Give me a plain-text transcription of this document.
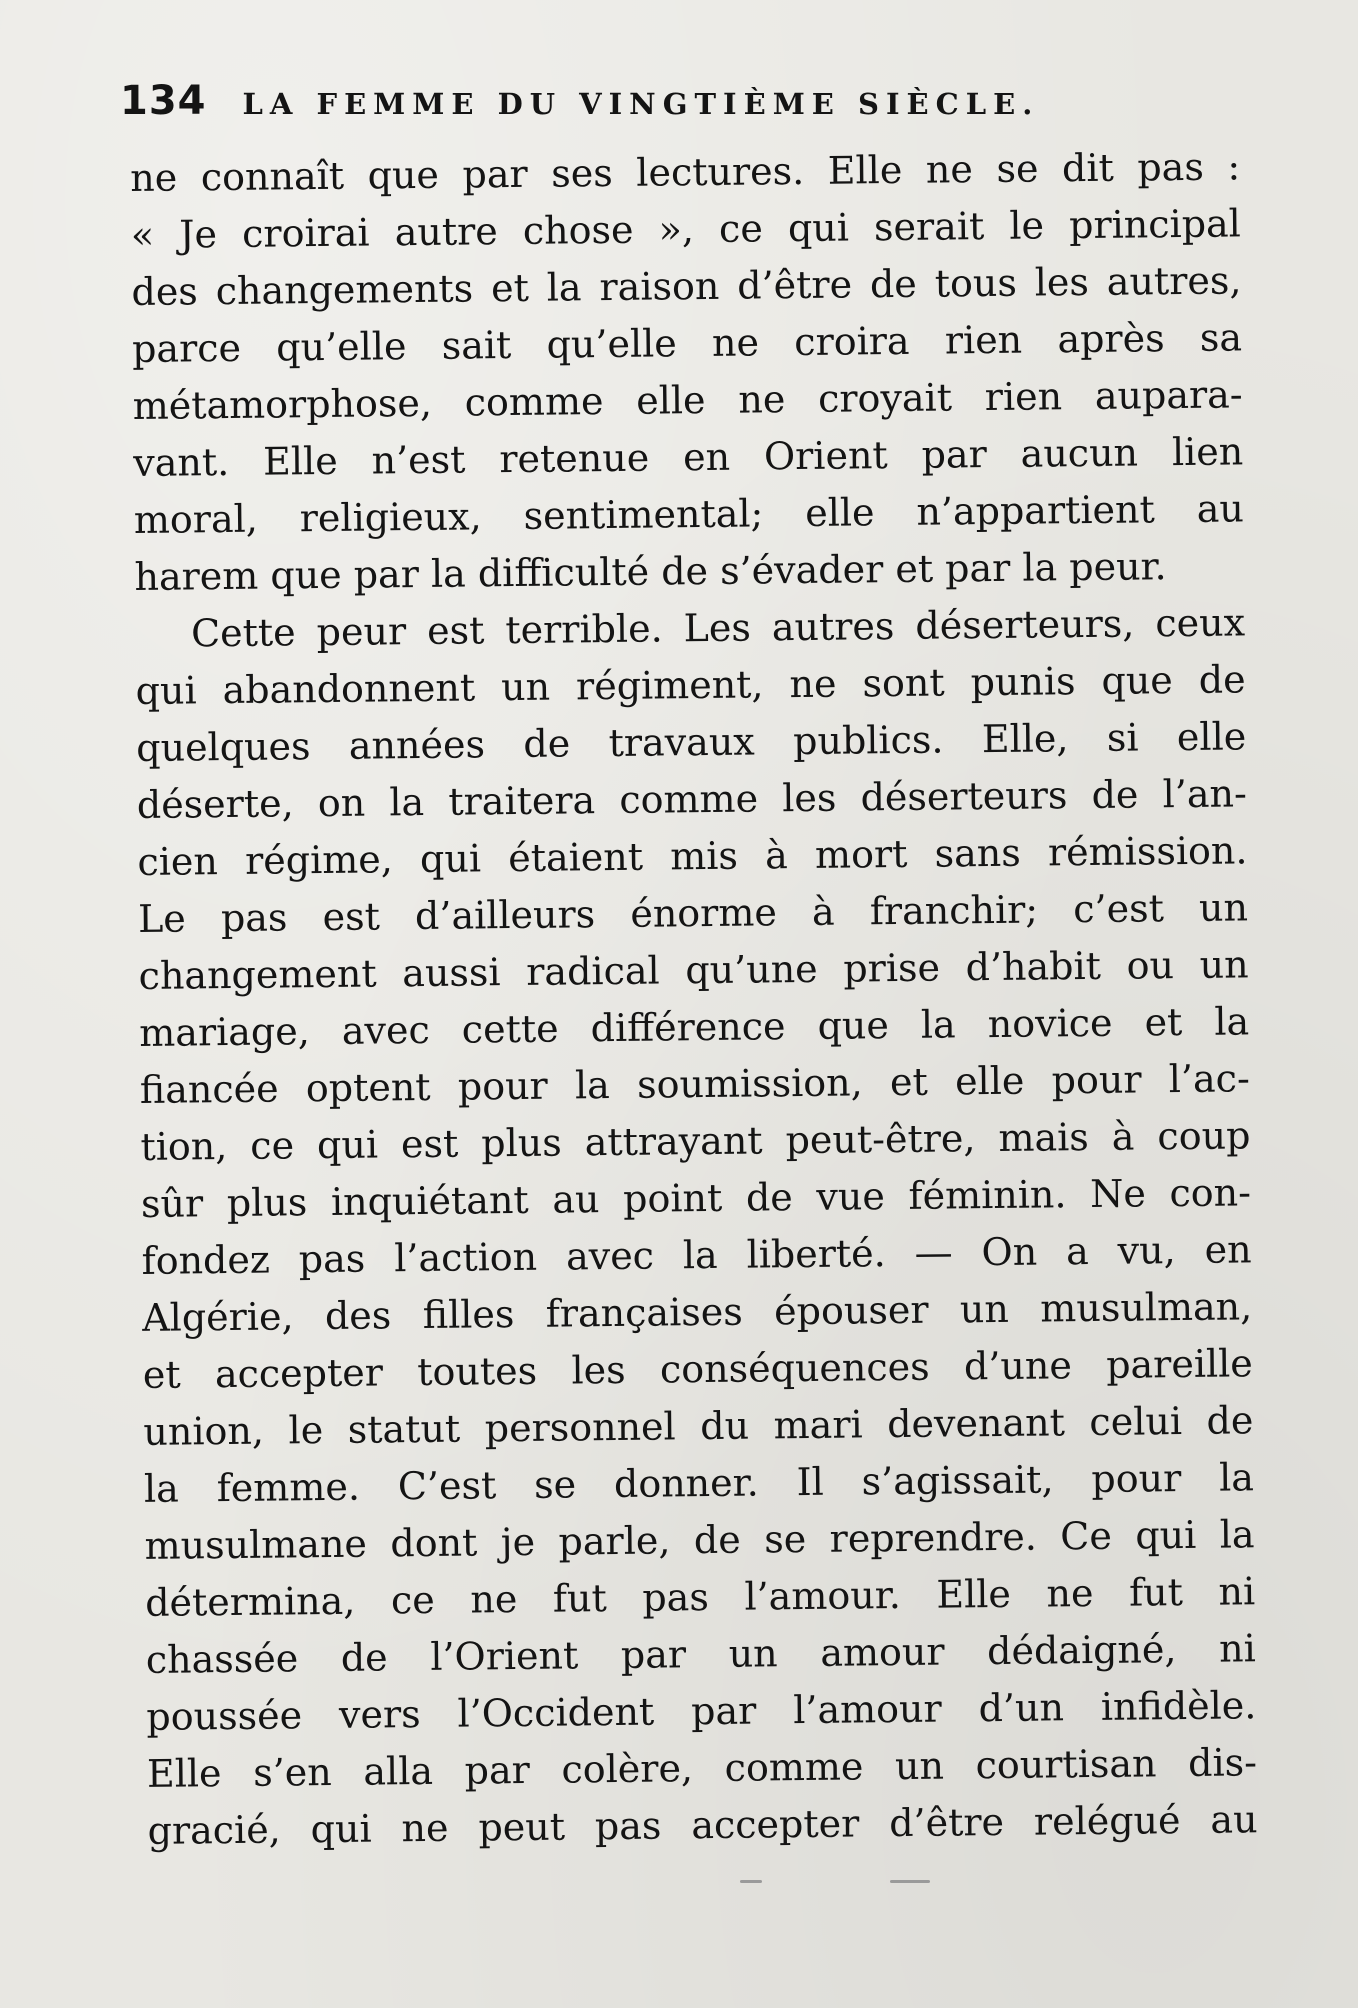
134 LA FEMME DU VINGTIÈME SIÈCLE.
ne connaît que par ses lectures. Elle ne se dit pas :
« Je croirai autre chose », ce qui serait le principal
des changements et la raison d’être de tous les autres,
parce qu’elle sait qu’elle ne croira rien après sa
métamorphose, comme elle ne croyait rien aupara-
vant. Elle n’est retenue en Orient par aucun lien
moral, religieux, sentimental; elle n’appartient au
harem que par la difficulté de s’évader et par la peur.
Cette peur est terrible. Les autres déserteurs, ceux
qui abandonnent un régiment, ne sont punis que de
quelques années de travaux publics. Elle, si elle
déserte, on la traitera comme les déserteurs de l’an-
cien régime, qui étaient mis à mort sans rémission.
Le pas est d’ailleurs énorme à franchir; c’est un
changement aussi radical qu’une prise d’habit ou un
mariage, avec cette différence que la novice et la
fiancée optent pour la soumission, et elle pour l’ac-
tion, ce qui est plus attrayant peut-être, mais à coup
sûr plus inquiétant au point de vue féminin. Ne con-
fondez pas l’action avec la liberté. — On a vu, en
Algérie, des filles françaises épouser un musulman,
et accepter toutes les conséquences d’une pareille
union, le statut personnel du mari devenant celui de
la femme. C’est se donner. Il s’agissait, pour la
musulmane dont je parle, de se reprendre. Ce qui la
détermina, ce ne fut pas l’amour. Elle ne fut ni
chassée de l’Orient par un amour dédaigné, ni
poussée vers l’Occident par l’amour d’un infidèle.
Elle s’en alla par colère, comme un courtisan dis-
gracié, qui ne peut pas accepter d’être relégué au
